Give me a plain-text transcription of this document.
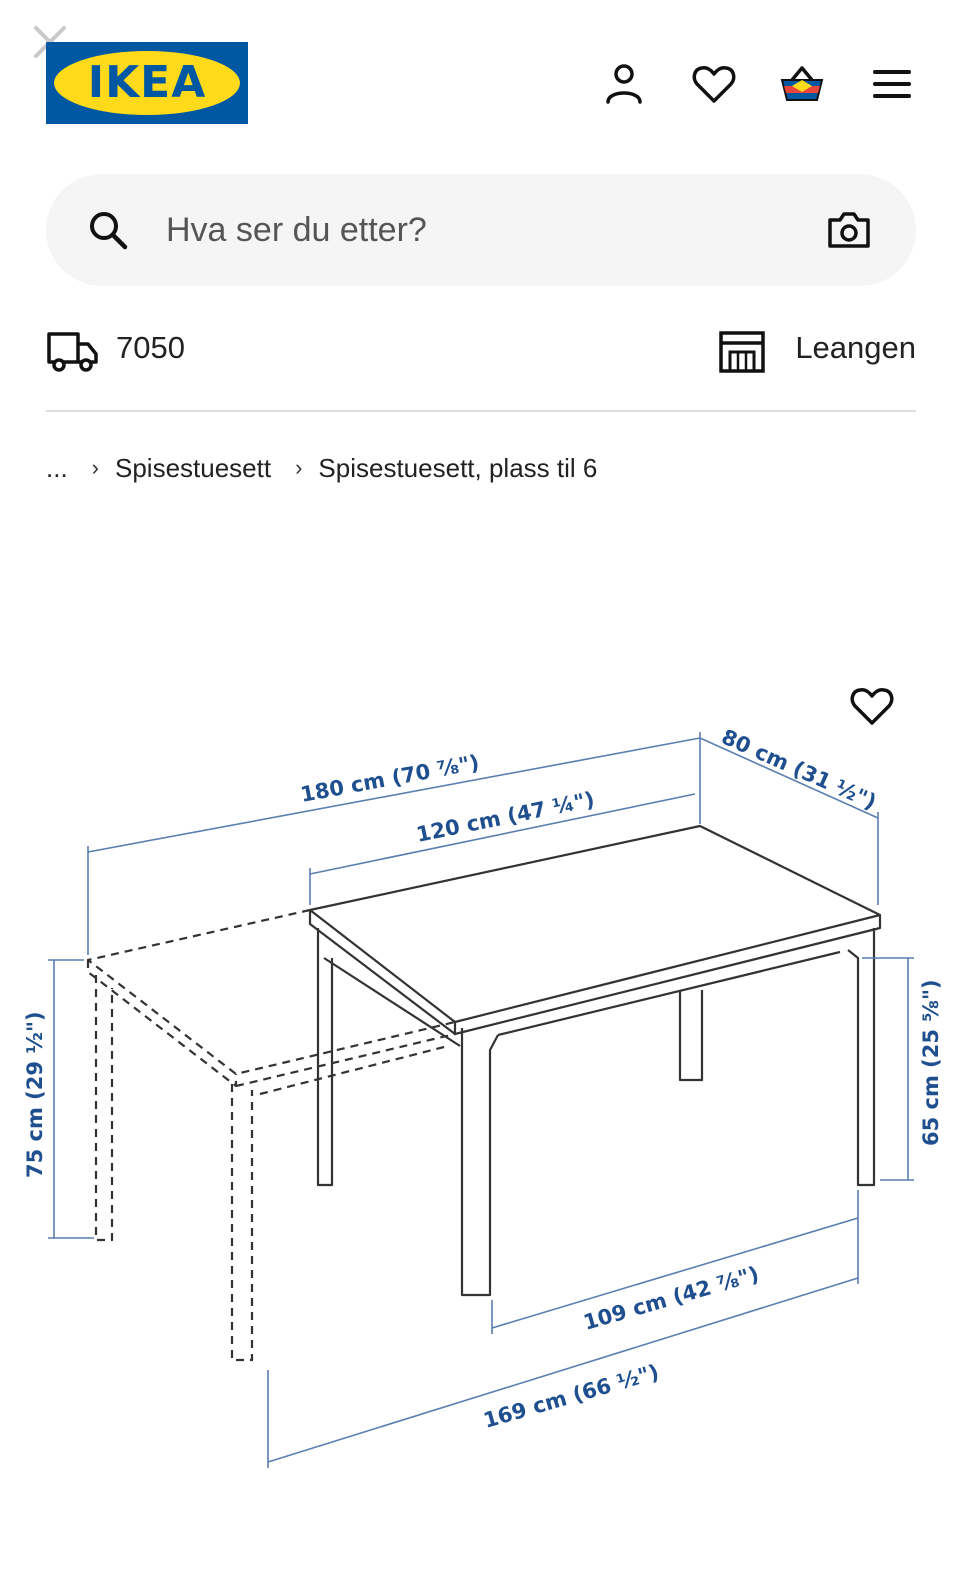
IKEA
Hva ser du etter?
7050	Leangen
... › Spisestuesett › Spisestuesett, plass til 6
180 cm (70 ⅞")
120 cm (47 ¼")
80 cm (31 ½")
75 cm (29 ½")	65 cm (25 ⅝")
109 cm (42 ⅞")
169 cm (66 ½")
